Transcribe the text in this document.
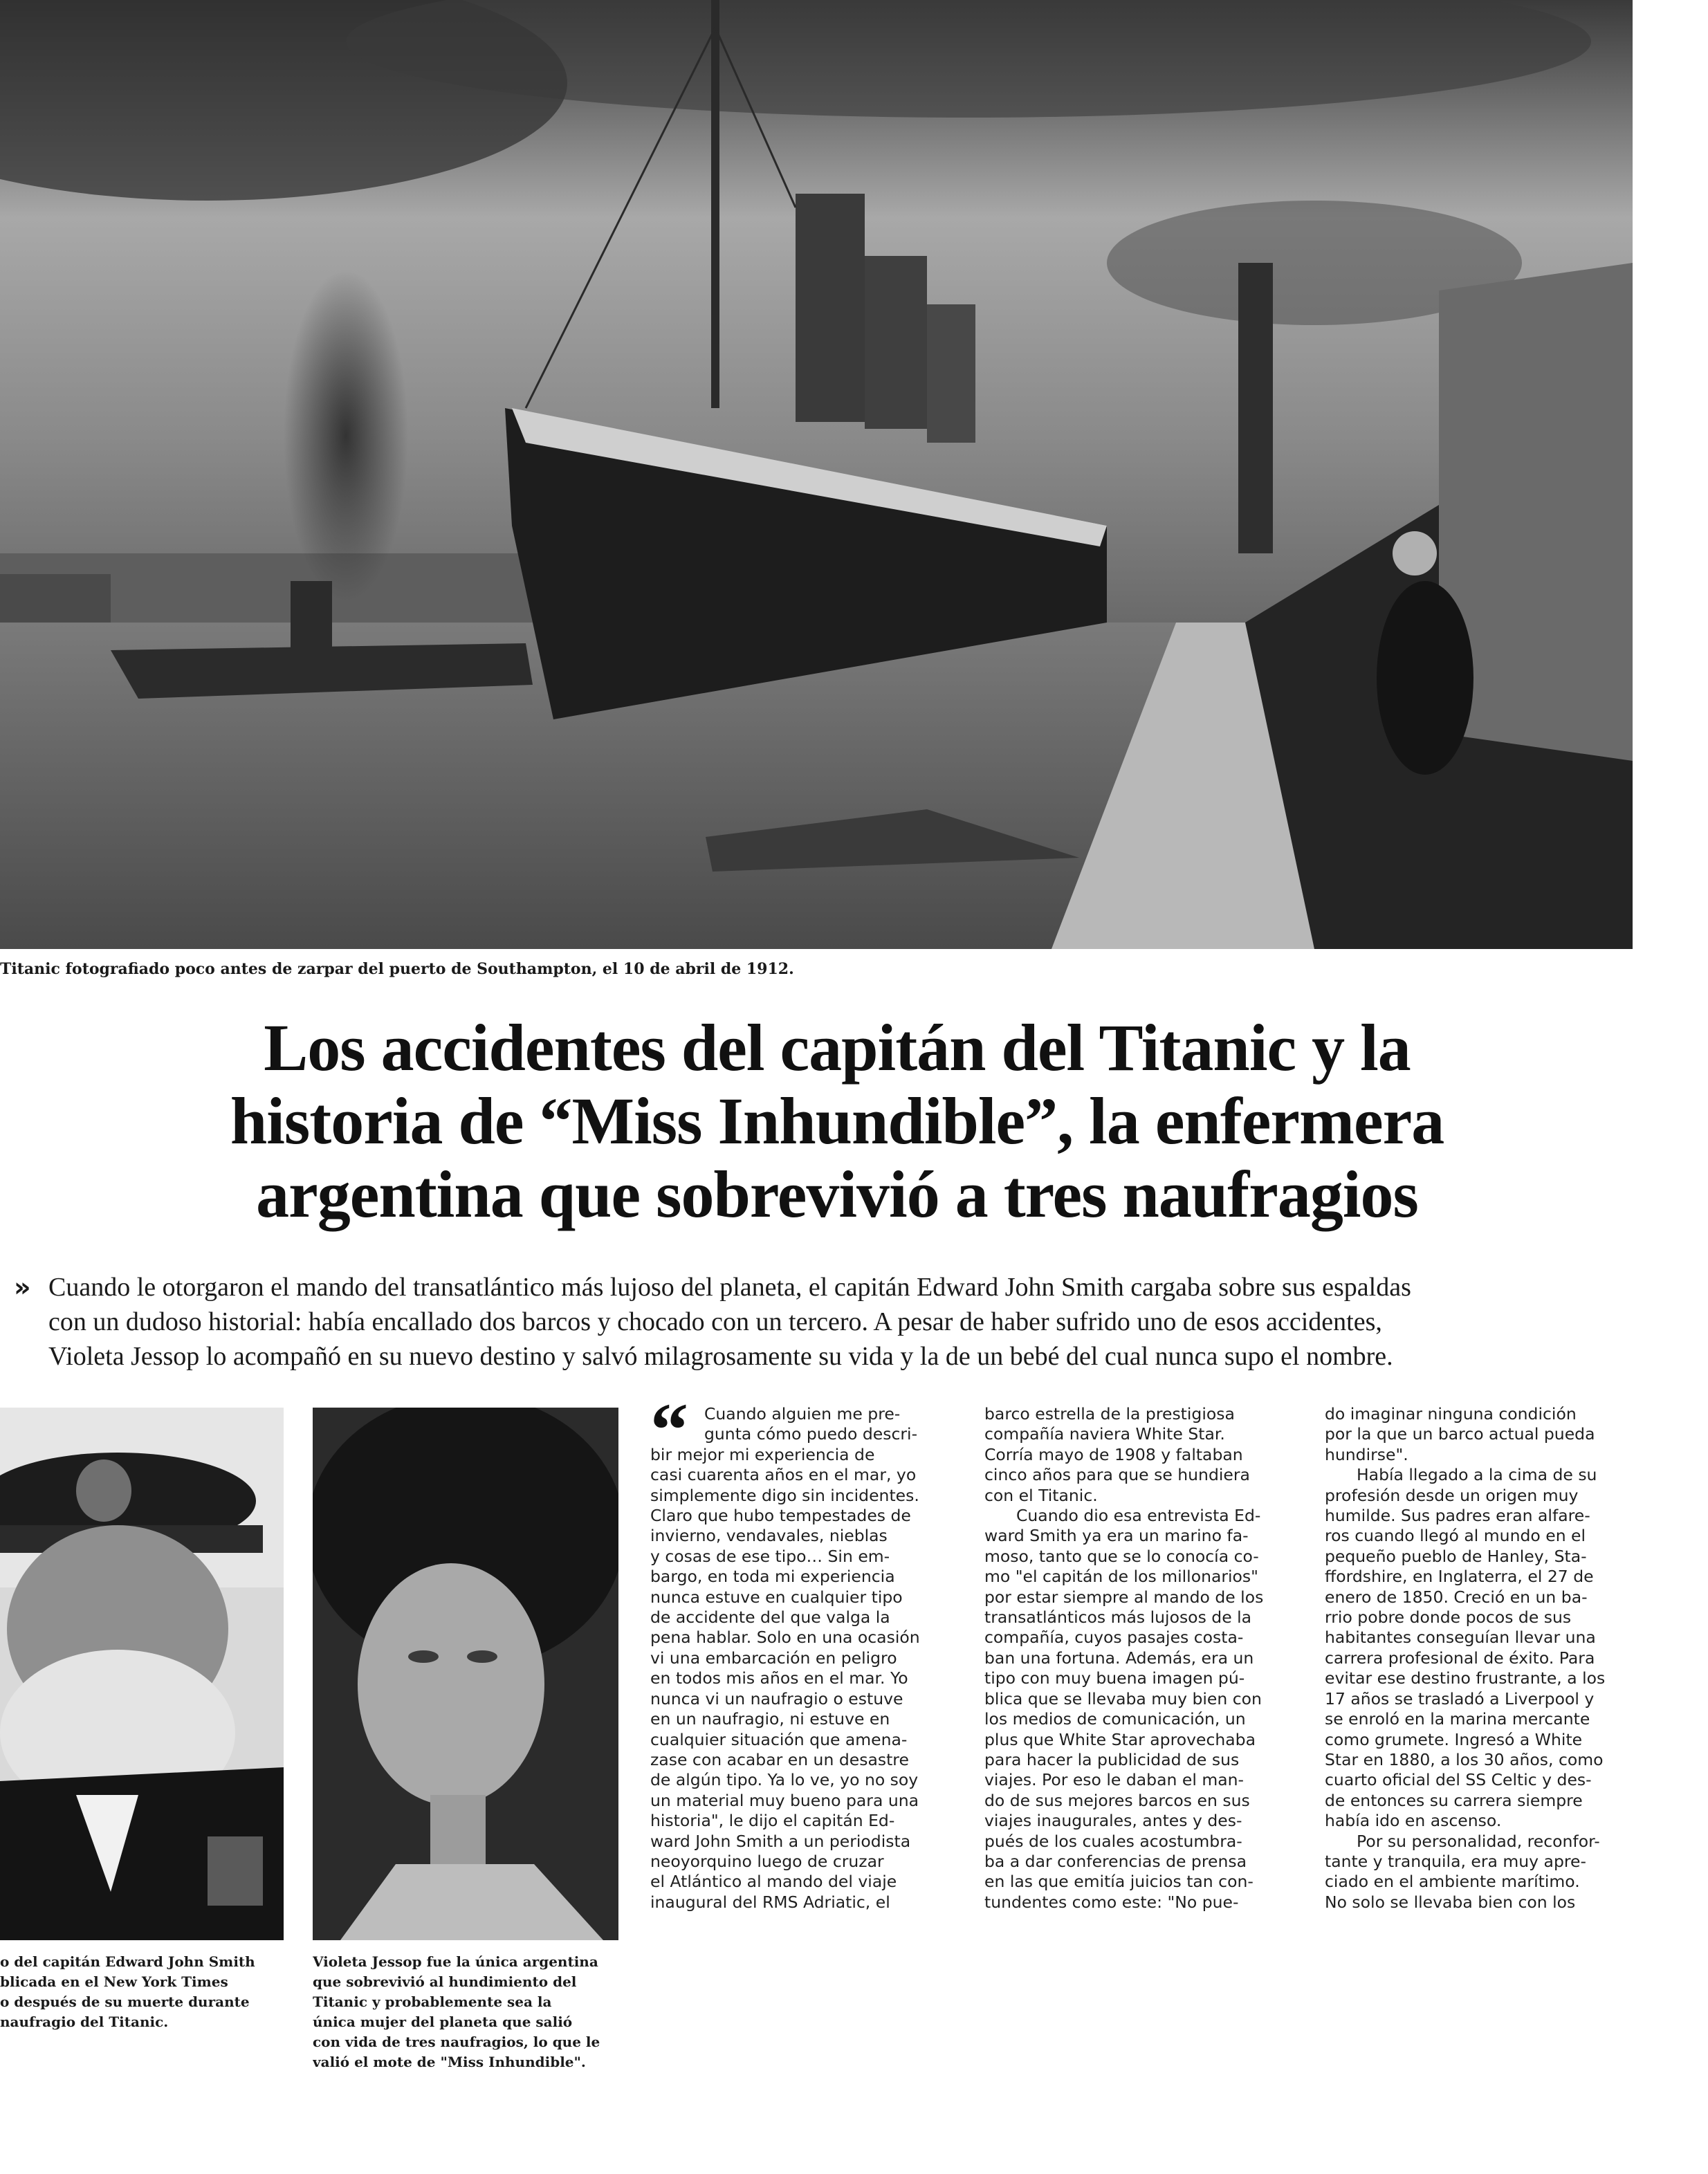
Titanic fotografiado poco antes de zarpar del puerto de Southampton, el 10 de abril de 1912.
Los accidentes del capitán del Titanic y la
historia de “Miss Inhundible”, la enfermera
argentina que sobrevivió a tres naufragios
» Cuando le otorgaron el mando del transatlántico más lujoso del planeta, el capitán Edward John Smith cargaba sobre sus espaldas
con un dudoso historial: había encallado dos barcos y chocado con un tercero. A pesar de haber sufrido uno de esos accidentes,
Violeta Jessop lo acompañó en su nuevo destino y salvó milagrosamente su vida y la de un bebé del cual nunca supo el nombre.
o del capitán Edward John Smith
blicada en el New York Times
o después de su muerte durante
naufragio del Titanic.
Violeta Jessop fue la única argentina
que sobrevivió al hundimiento del
Titanic y probablemente sea la
única mujer del planeta que salió
con vida de tres naufragios, lo que le
valió el mote de "Miss Inhundible".
“ Cuando alguien me pre-
gunta cómo puedo descri-
bir mejor mi experiencia de
casi cuarenta años en el mar, yo
simplemente digo sin incidentes.
Claro que hubo tempestades de
invierno, vendavales, nieblas
y cosas de ese tipo… Sin em-
bargo, en toda mi experiencia
nunca estuve en cualquier tipo
de accidente del que valga la
pena hablar. Solo en una ocasión
vi una embarcación en peligro
en todos mis años en el mar. Yo
nunca vi un naufragio o estuve
en un naufragio, ni estuve en
cualquier situación que amena-
zase con acabar en un desastre
de algún tipo. Ya lo ve, yo no soy
un material muy bueno para una
historia", le dijo el capitán Ed-
ward John Smith a un periodista
neoyorquino luego de cruzar
el Atlántico al mando del viaje
inaugural del RMS Adriatic, el
barco estrella de la prestigiosa
compañía naviera White Star.
Corría mayo de 1908 y faltaban
cinco años para que se hundiera
con el Titanic.
Cuando dio esa entrevista Ed-
ward Smith ya era un marino fa-
moso, tanto que se lo conocía co-
mo "el capitán de los millonarios"
por estar siempre al mando de los
transatlánticos más lujosos de la
compañía, cuyos pasajes costa-
ban una fortuna. Además, era un
tipo con muy buena imagen pú-
blica que se llevaba muy bien con
los medios de comunicación, un
plus que White Star aprovechaba
para hacer la publicidad de sus
viajes. Por eso le daban el man-
do de sus mejores barcos en sus
viajes inaugurales, antes y des-
pués de los cuales acostumbra-
ba a dar conferencias de prensa
en las que emitía juicios tan con-
tundentes como este: "No pue-
do imaginar ninguna condición
por la que un barco actual pueda
hundirse".
Había llegado a la cima de su
profesión desde un origen muy
humilde. Sus padres eran alfare-
ros cuando llegó al mundo en el
pequeño pueblo de Hanley, Sta-
ffordshire, en Inglaterra, el 27 de
enero de 1850. Creció en un ba-
rrio pobre donde pocos de sus
habitantes conseguían llevar una
carrera profesional de éxito. Para
evitar ese destino frustrante, a los
17 años se trasladó a Liverpool y
se enroló en la marina mercante
como grumete. Ingresó a White
Star en 1880, a los 30 años, como
cuarto oficial del SS Celtic y des-
de entonces su carrera siempre
había ido en ascenso.
Por su personalidad, reconfor-
tante y tranquila, era muy apre-
ciado en el ambiente marítimo.
No solo se llevaba bien con los
